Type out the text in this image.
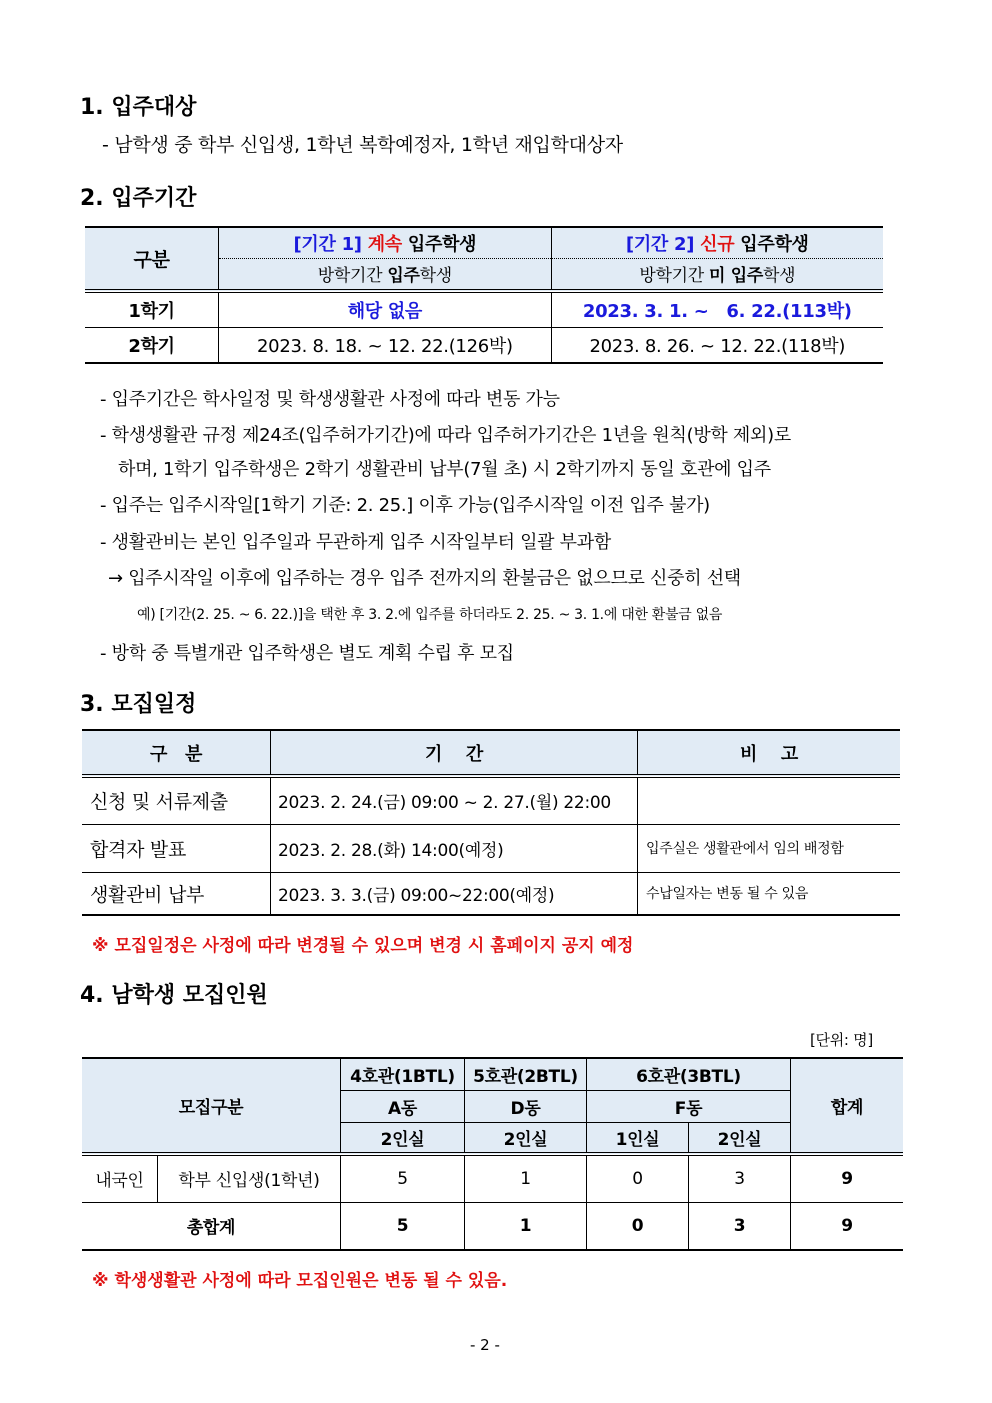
1. 입주대상
- 남학생 중 학부 신입생, 1학년 복학예정자, 1학년 재입학대상자
2. 입주기간
구분	[기간 1] 계속 입주학생	[기간 2] 신규 입주학생
	방학기간 입주학생	방학기간 미 입주학생
1학기	해당 없음	2023. 3. 1. ~   6. 22.(113박)
2학기	2023. 8. 18. ~ 12. 22.(126박)	2023. 8. 26. ~ 12. 22.(118박)
- 입주기간은 학사일정 및 학생생활관 사정에 따라 변동 가능
- 학생생활관 규정 제24조(입주허가기간)에 따라 입주허가기간은 1년을 원칙(방학 제외)로
하며, 1학기 입주학생은 2학기 생활관비 납부(7월 초) 시 2학기까지 동일 호관에 입주
- 입주는 입주시작일[1학기 기준: 2. 25.] 이후 가능(입주시작일 이전 입주 불가)
- 생활관비는 본인 입주일과 무관하게 입주 시작일부터 일괄 부과함
→ 입주시작일 이후에 입주하는 경우 입주 전까지의 환불금은 없으므로 신중히 선택
예) [기간(2. 25. ~ 6. 22.)]을 택한 후 3. 2.에 입주를 하더라도 2. 25. ~ 3. 1.에 대한 환불금 없음
- 방학 중 특별개관 입주학생은 별도 계획 수립 후 모집
3. 모집일정
구   분	기    간	비    고
신청 및 서류제출	2023. 2. 24.(금) 09:00 ~ 2. 27.(월) 22:00	
합격자 발표	2023. 2. 28.(화) 14:00(예정)	입주실은 생활관에서 임의 배정함
생활관비 납부	2023. 3. 3.(금) 09:00~22:00(예정)	수납일자는 변동 될 수 있음
※ 모집일정은 사정에 따라 변경될 수 있으며 변경 시 홈페이지 공지 예정
4. 남학생 모집인원
[단위: 명]
모집구분		4호관(1BTL)	5호관(2BTL)	6호관(3BTL)		합계
		A동	D동	F동		
		2인실	2인실	1인실	2인실	
내국인	학부 신입생(1학년)	5	1	0	3	9
총합계		5	1	0	3	9
※ 학생생활관 사정에 따라 모집인원은 변동 될 수 있음.
- 2 -
